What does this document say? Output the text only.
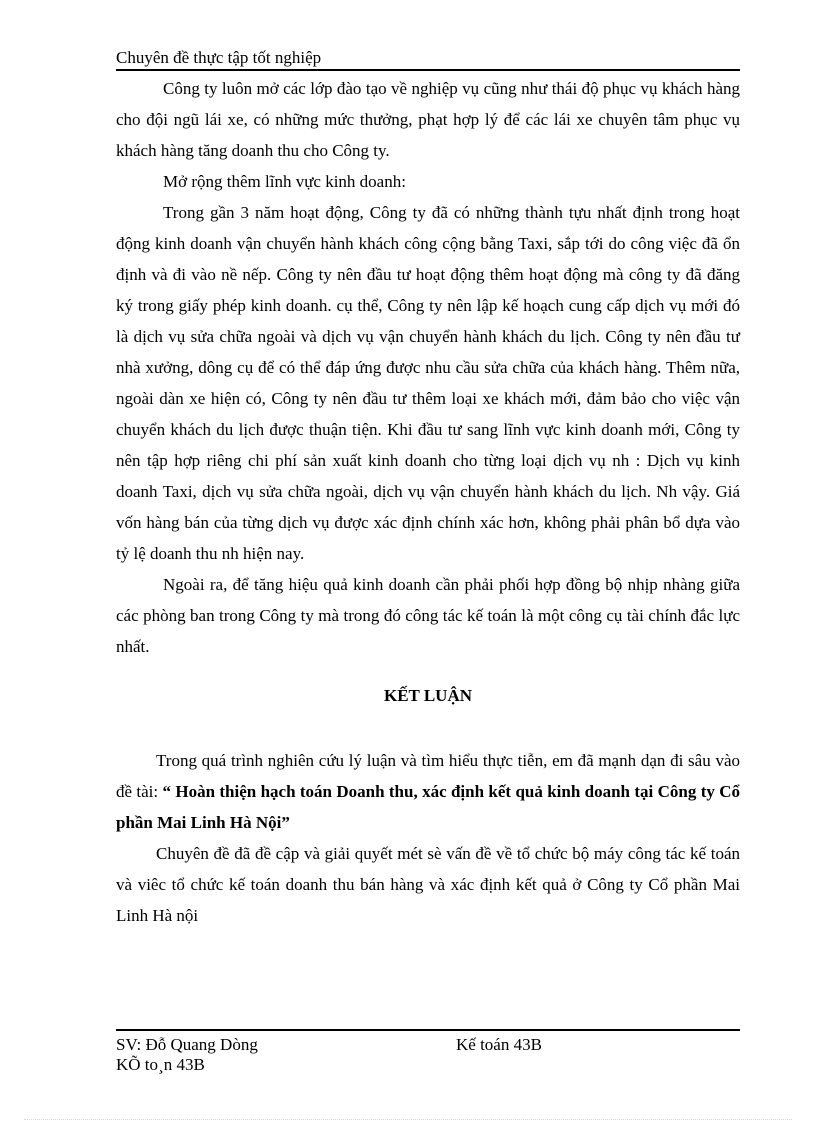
Chuyên đề thực tập tốt nghiệp

Công ty luôn mở các lớp đào tạo về nghiệp vụ cũng như thái độ phục vụ khách hàng cho đội ngũ lái xe, có những mức thưởng, phạt hợp lý để các lái xe chuyên tâm phục vụ khách hàng tăng doanh thu cho Công ty.

Mở rộng thêm lĩnh vực kinh doanh:

Trong gần 3 năm hoạt động, Công ty đã có những thành tựu nhất định trong hoạt động kinh doanh vận chuyển hành khách công cộng bằng Taxi, sắp tới do công việc đã ổn định và đi vào nề nếp. Công ty nên đầu tư hoạt động thêm hoạt động mà công ty đã đăng ký trong giấy phép kinh doanh. cụ thể, Công ty nên lập kế hoạch cung cấp dịch vụ mới đó là dịch vụ sửa chữa ngoài và dịch vụ vận chuyển hành khách du lịch. Công ty nên đầu tư nhà xưởng, dông cụ để có thể đáp ứng được nhu cầu sửa chữa của khách hàng. Thêm nữa, ngoài dàn xe hiện có, Công ty nên đầu tư thêm loại xe khách mới, đảm bảo cho việc vận chuyển khách du lịch được thuận tiện. Khi đầu tư sang lĩnh vực kinh doanh mới, Công ty nên tập hợp riêng chi phí sản xuất kinh doanh cho từng loại dịch vụ nh : Dịch vụ kinh doanh Taxi, dịch vụ sửa chữa ngoài, dịch vụ vận chuyển hành khách du lịch. Nh vậy. Giá vốn hàng bán của từng dịch vụ được xác định chính xác hơn, không phải phân bổ dựa vào tỷ lệ doanh thu nh hiện nay.

Ngoài ra, để tăng hiệu quả kinh doanh cần phải phối hợp đồng bộ nhịp nhàng giữa các phòng ban trong Công ty mà trong đó công tác kế toán là một công cụ tài chính đắc lực nhất.

KẾT LUẬN

Trong quá trình nghiên cứu lý luận và tìm hiểu thực tiễn, em đã mạnh dạn đi sâu vào đề tài: “ Hoàn thiện hạch toán Doanh thu, xác định kết quả kinh doanh tại Công ty Cổ phần Mai Linh Hà Nội”

Chuyên đề đã đề cập và giải quyết mét sè vấn đề về tổ chức bộ máy công tác kế toán và viêc tổ chức kế toán doanh thu bán hàng và xác định kết quả ở Công ty Cổ phần Mai Linh Hà nội

SV: Đỗ Quang Dòng	Kế toán 43B
KÕ to¸n 43B
